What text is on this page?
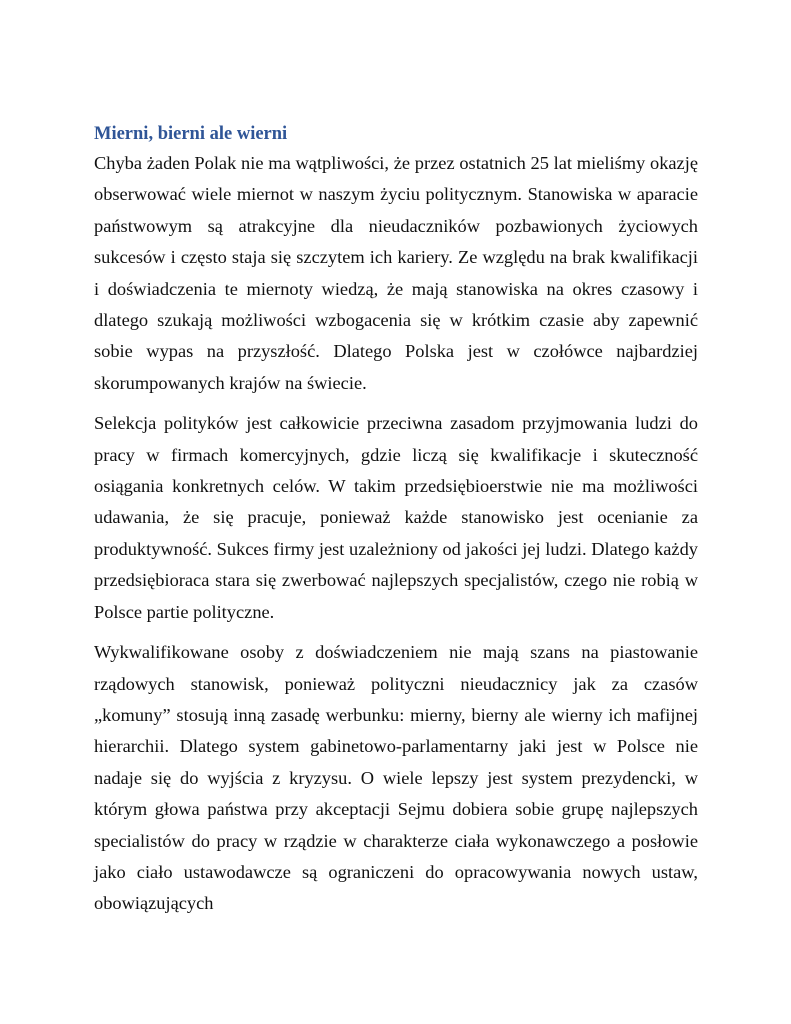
Mierni, bierni ale wierni

Chyba żaden Polak nie ma wątpliwości, że przez ostatnich 25 lat mieliśmy okazję obserwować wiele miernot w naszym życiu politycznym. Stanowiska w aparacie państwowym są atrakcyjne dla nieudaczników pozbawionych życiowych sukcesów i często staja się szczytem ich kariery. Ze względu na brak kwalifikacji i doświadczenia te miernoty wiedzą, że mają stanowiska na okres czasowy i dlatego szukają możliwości wzbogacenia się w krótkim czasie aby zapewnić sobie wypas na przyszłość. Dlatego Polska jest w czołówce najbardziej skorumpowanych krajów na świecie.

Selekcja polityków jest całkowicie przeciwna zasadom przyjmowania ludzi do pracy w firmach komercyjnych, gdzie liczą się kwalifikacje i skuteczność osiągania konkretnych celów. W takim przedsiębioerstwie nie ma możliwości udawania, że się pracuje, ponieważ każde stanowisko jest ocenianie za produktywność. Sukces firmy jest uzależniony od jakości jej ludzi. Dlatego każdy przedsiębioraca stara się zwerbować najlepszych specjalistów, czego nie robią w Polsce partie polityczne.

Wykwalifikowane osoby z doświadczeniem nie mają szans na piastowanie rządowych stanowisk, ponieważ polityczni nieudacznicy jak za czasów „komuny” stosują inną zasadę werbunku: mierny, bierny ale wierny ich mafijnej hierarchii. Dlatego system gabinetowo-parlamentarny jaki jest w Polsce nie nadaje się do wyjścia z kryzysu. O wiele lepszy jest system prezydencki, w którym głowa państwa przy akceptacji Sejmu dobiera sobie grupę najlepszych specialistów do pracy w rządzie w charakterze ciała wykonawczego a posłowie jako ciało ustawodawcze są ograniczeni do opracowywania nowych ustaw, obowiązujących
